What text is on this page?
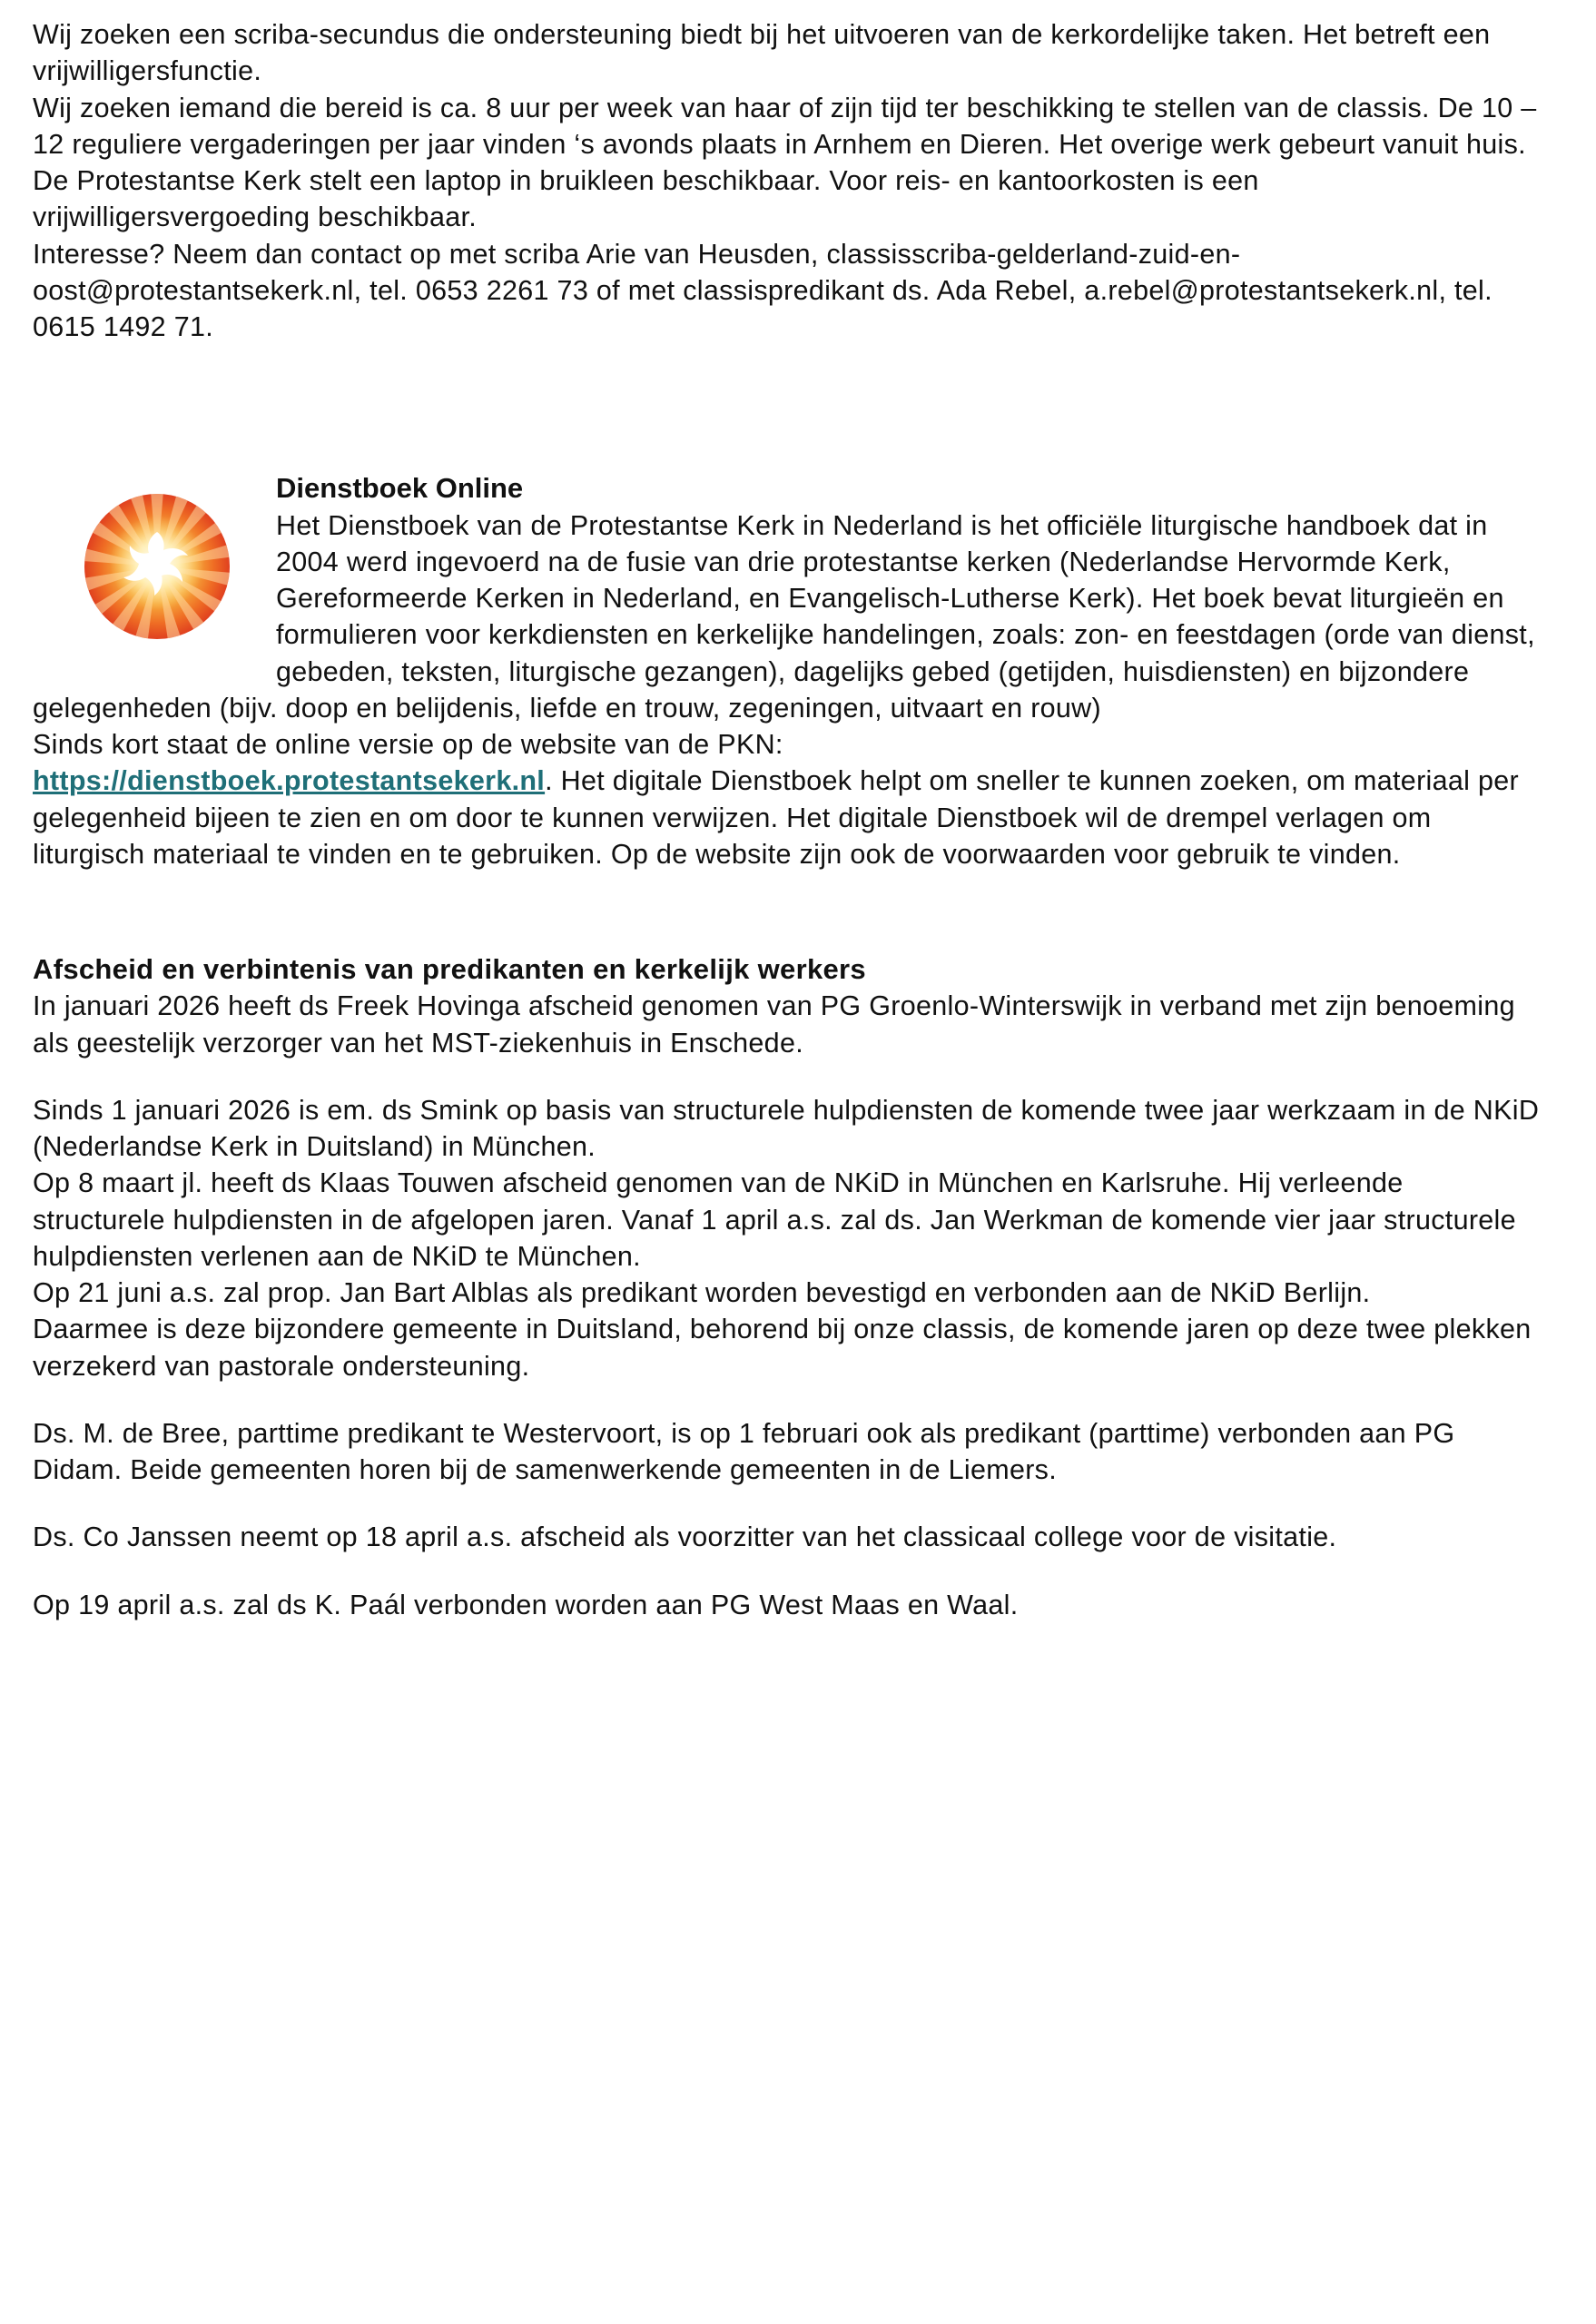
Wij zoeken een scriba-secundus die ondersteuning biedt bij het uitvoeren van de kerkordelijke taken. Het betreft een vrijwilligersfunctie.

Wij zoeken iemand die bereid is ca. 8 uur per week van haar of zijn tijd ter beschikking te stellen van de classis. De 10 – 12 reguliere vergaderingen per jaar vinden ‘s avonds plaats in Arnhem en Dieren. Het overige werk gebeurt vanuit huis. De Protestantse Kerk stelt een laptop in bruikleen beschikbaar. Voor reis- en kantoorkosten is een vrijwilligersvergoeding beschikbaar.

Interesse? Neem dan contact op met scriba Arie van Heusden, classisscriba-gelderland-zuid-en-oost@protestantsekerk.nl, tel. 0653 2261 73 of met classispredikant ds. Ada Rebel, a.rebel@protestantsekerk.nl, tel. 0615 1492 71.

Dienstboek Online

Het Dienstboek van de Protestantse Kerk in Nederland is het officiële liturgische handboek dat in 2004 werd ingevoerd na de fusie van drie protestantse kerken (Nederlandse Hervormde Kerk, Gereformeerde Kerken in Nederland, en Evangelisch-Lutherse Kerk). Het boek bevat liturgieën en formulieren voor kerkdiensten en kerkelijke handelingen, zoals: zon- en feestdagen (orde van dienst, gebeden, teksten, liturgische gezangen), dagelijks gebed (getijden, huisdiensten) en bijzondere gelegenheden (bijv. doop en belijdenis, liefde en trouw, zegeningen, uitvaart en rouw)

Sinds kort staat de online versie op de website van de PKN:

https://dienstboek.protestantsekerk.nl. Het digitale Dienstboek helpt om sneller te kunnen zoeken, om materiaal per gelegenheid bijeen te zien en om door te kunnen verwijzen. Het digitale Dienstboek wil de drempel verlagen om liturgisch materiaal te vinden en te gebruiken. Op de website zijn ook de voorwaarden voor gebruik te vinden.

Afscheid en verbintenis van predikanten en kerkelijk werkers

In januari 2026 heeft ds Freek Hovinga afscheid genomen van PG Groenlo-Winterswijk in verband met zijn benoeming als geestelijk verzorger van het MST-ziekenhuis in Enschede.

Sinds 1 januari 2026 is em. ds Smink op basis van structurele hulpdiensten de komende twee jaar werkzaam in de NKiD (Nederlandse Kerk in Duitsland) in München.

Op 8 maart jl. heeft ds Klaas Touwen afscheid genomen van de NKiD in München en Karlsruhe. Hij verleende structurele hulpdiensten in de afgelopen jaren. Vanaf 1 april a.s. zal ds. Jan Werkman de komende vier jaar structurele hulpdiensten verlenen aan de NKiD te München.

Op 21 juni a.s. zal prop. Jan Bart Alblas als predikant worden bevestigd en verbonden aan de NKiD Berlijn.

Daarmee is deze bijzondere gemeente in Duitsland, behorend bij onze classis, de komende jaren op deze twee plekken verzekerd van pastorale ondersteuning.

Ds. M. de Bree, parttime predikant te Westervoort, is op 1 februari ook als predikant (parttime) verbonden aan PG Didam. Beide gemeenten horen bij de samenwerkende gemeenten in de Liemers.

Ds. Co Janssen neemt op 18 april a.s. afscheid als voorzitter van het classicaal college voor de visitatie.

Op 19 april a.s. zal ds K. Paál verbonden worden aan PG West Maas en Waal.
